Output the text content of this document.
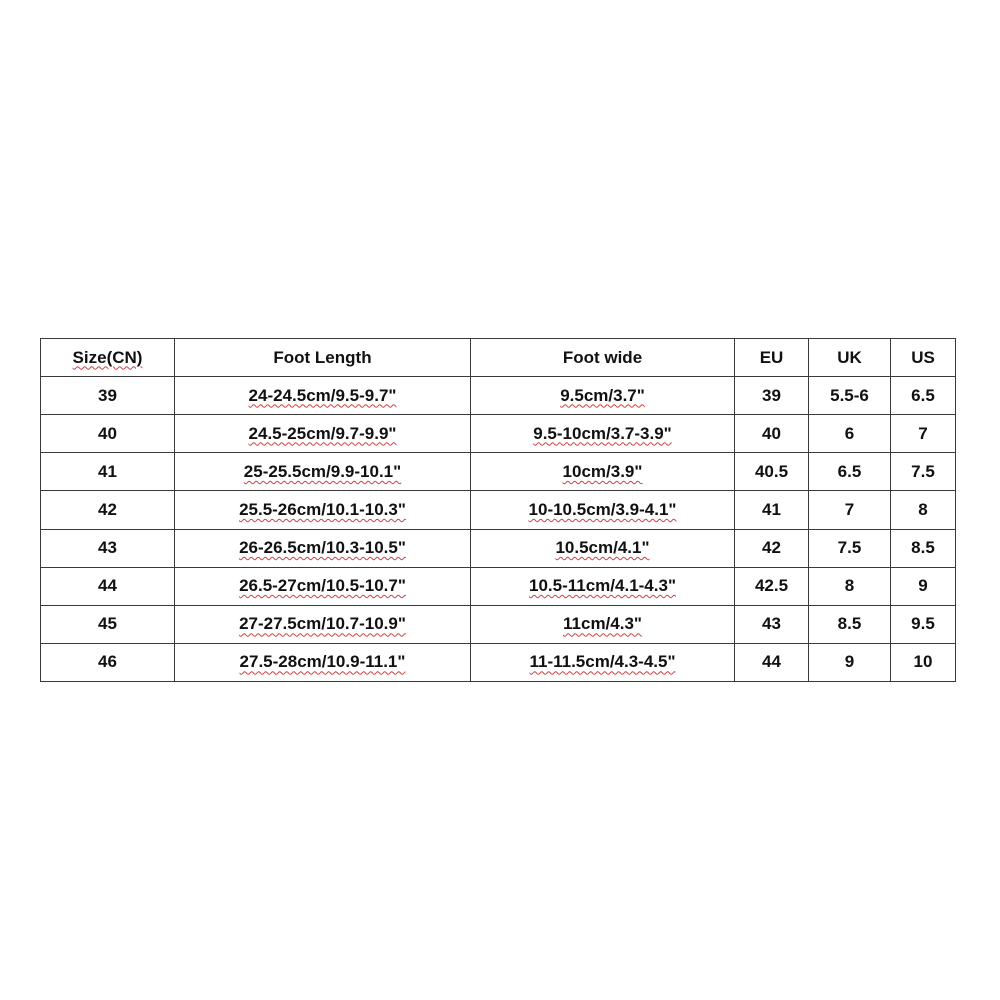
Size(CN)	Foot Length	Foot wide	EU	UK	US
39	24-24.5cm/9.5-9.7"	9.5cm/3.7"	39	5.5-6	6.5
40	24.5-25cm/9.7-9.9"	9.5-10cm/3.7-3.9"	40	6	7
41	25-25.5cm/9.9-10.1"	10cm/3.9"	40.5	6.5	7.5
42	25.5-26cm/10.1-10.3"	10-10.5cm/3.9-4.1"	41	7	8
43	26-26.5cm/10.3-10.5"	10.5cm/4.1"	42	7.5	8.5
44	26.5-27cm/10.5-10.7"	10.5-11cm/4.1-4.3"	42.5	8	9
45	27-27.5cm/10.7-10.9"	11cm/4.3"	43	8.5	9.5
46	27.5-28cm/10.9-11.1"	11-11.5cm/4.3-4.5"	44	9	10
